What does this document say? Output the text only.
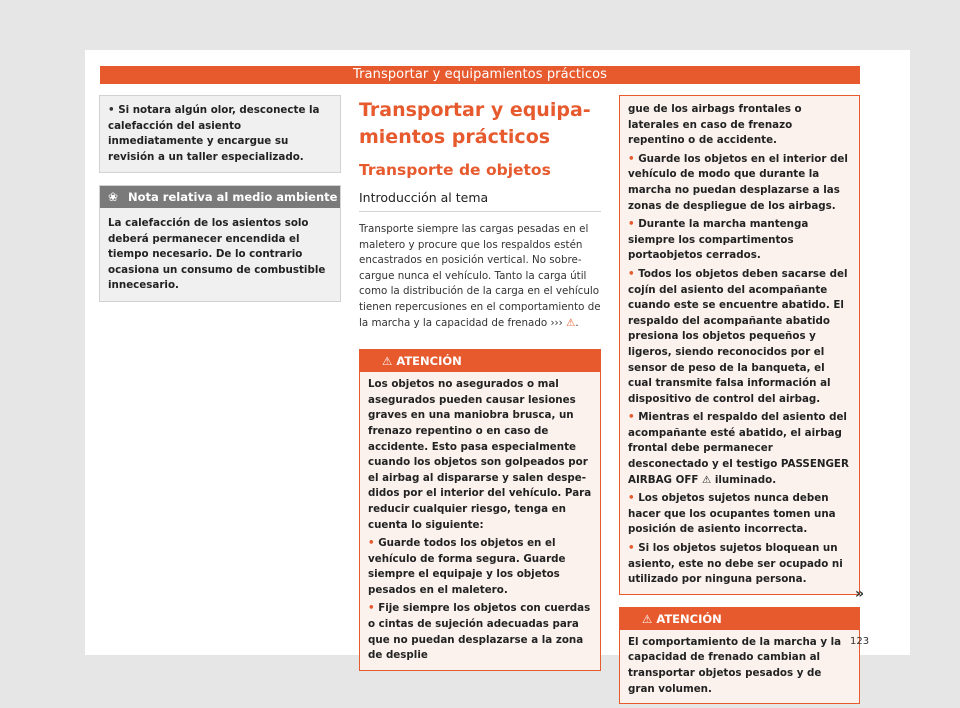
Transportar y equipamientos prácticos
• Si notara algún olor, desconecte la calefacción del asiento inmediatamente y encargue su revisión a un taller especializado.
❀ Nota relativa al medio ambiente
La calefacción de los asientos solo deberá permanecer encendida el tiempo necesario. De lo contrario ocasiona un consumo de combustible innecesario.
Transportar y equipamientos prácticos
Transporte de objetos
Introducción al tema
Transporte siempre las cargas pesadas en el maletero y procure que los respaldos estén encastrados en posición vertical. No sobrecargue nunca el vehículo. Tanto la carga útil como la distribución de la carga en el vehículo tienen repercusiones en el comportamiento de la marcha y la capacidad de frenado ››› ⚠.
⚠ ATENCIÓN

Los objetos no asegurados o mal asegurados pueden causar lesiones graves en una maniobra brusca, un frenazo repentino o en caso de accidente. Esto pasa especialmente cuando los objetos son golpeados por el airbag al dispararse y salen despedidos por el interior del vehículo. Para reducir cualquier riesgo, tenga en cuenta lo siguiente:

• Guarde todos los objetos en el vehículo de forma segura. Guarde siempre el equipaje y los objetos pesados en el maletero.

• Fije siempre los objetos con cuerdas o cintas de sujeción adecuadas para que no puedan desplazarse a la zona de desplie

gue de los airbags frontales o laterales en caso de frenazo repentino o de accidente.

• Guarde los objetos en el interior del vehículo de modo que durante la marcha no puedan desplazarse a las zonas de despliegue de los airbags.

• Durante la marcha mantenga siempre los compartimentos portaobjetos cerrados.

• Todos los objetos deben sacarse del cojín del asiento del acompañante cuando este se encuentre abatido. El respaldo del acompañante abatido presiona los objetos pequeños y ligeros, siendo reconocidos por el sensor de peso de la banqueta, el cual transmite falsa información al dispositivo de control del airbag.

• Mientras el respaldo del asiento del acompañante esté abatido, el airbag frontal debe permanecer desconectado y el testigo PASSENGER AIRBAG OFF ⚠ iluminado.

• Los objetos sujetos nunca deben hacer que los ocupantes tomen una posición de asiento incorrecta.

• Si los objetos sujetos bloquean un asiento, este no debe ser ocupado ni utilizado por ninguna persona.

⚠ ATENCIÓN
El comportamiento de la marcha y la capacidad de frenado cambian al transportar objetos pesados y de gran volumen.
»
123
